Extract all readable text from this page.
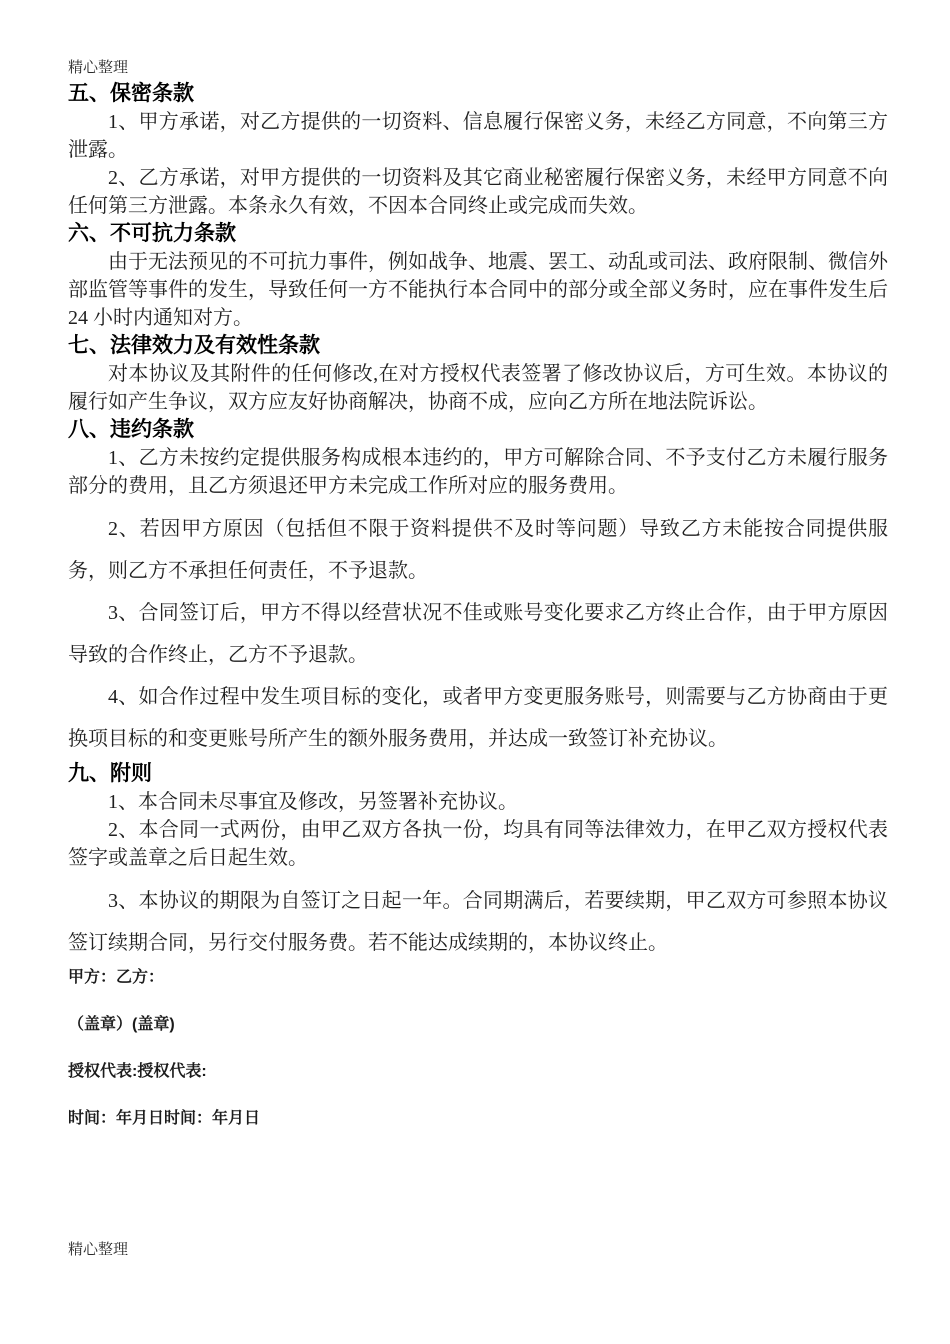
精心整理
五、保密条款

1、甲方承诺，对乙方提供的一切资料、信息履行保密义务，未经乙方同意，不向第三方泄露。

2、乙方承诺，对甲方提供的一切资料及其它商业秘密履行保密义务，未经甲方同意不向任何第三方泄露。本条永久有效，不因本合同终止或完成而失效。

六、不可抗力条款

由于无法预见的不可抗力事件，例如战争、地震、罢工、动乱或司法、政府限制、微信外部监管等事件的发生，导致任何一方不能执行本合同中的部分或全部义务时，应在事件发生后 24 小时内通知对方。

七、法律效力及有效性条款

对本协议及其附件的任何修改,在对方授权代表签署了修改协议后，方可生效。本协议的履行如产生争议，双方应友好协商解决，协商不成，应向乙方所在地法院诉讼。

八、违约条款

1、乙方未按约定提供服务构成根本违约的，甲方可解除合同、不予支付乙方未履行服务部分的费用，且乙方须退还甲方未完成工作所对应的服务费用。

2、若因甲方原因（包括但不限于资料提供不及时等问题）导致乙方未能按合同提供服务，则乙方不承担任何责任，不予退款。

3、合同签订后，甲方不得以经营状况不佳或账号变化要求乙方终止合作，由于甲方原因导致的合作终止，乙方不予退款。

4、如合作过程中发生项目标的变化，或者甲方变更服务账号，则需要与乙方协商由于更换项目标的和变更账号所产生的额外服务费用，并达成一致签订补充协议。

九、附则

1、本合同未尽事宜及修改，另签署补充协议。

2、本合同一式两份，由甲乙双方各执一份，均具有同等法律效力，在甲乙双方授权代表签字或盖章之后日起生效。

3、本协议的期限为自签订之日起一年。合同期满后，若要续期，甲乙双方可参照本协议签订续期合同，另行交付服务费。若不能达成续期的，本协议终止。

甲方：乙方：

（盖章）(盖章)

授权代表:授权代表:

时间：年月日时间：年月日

精心整理
